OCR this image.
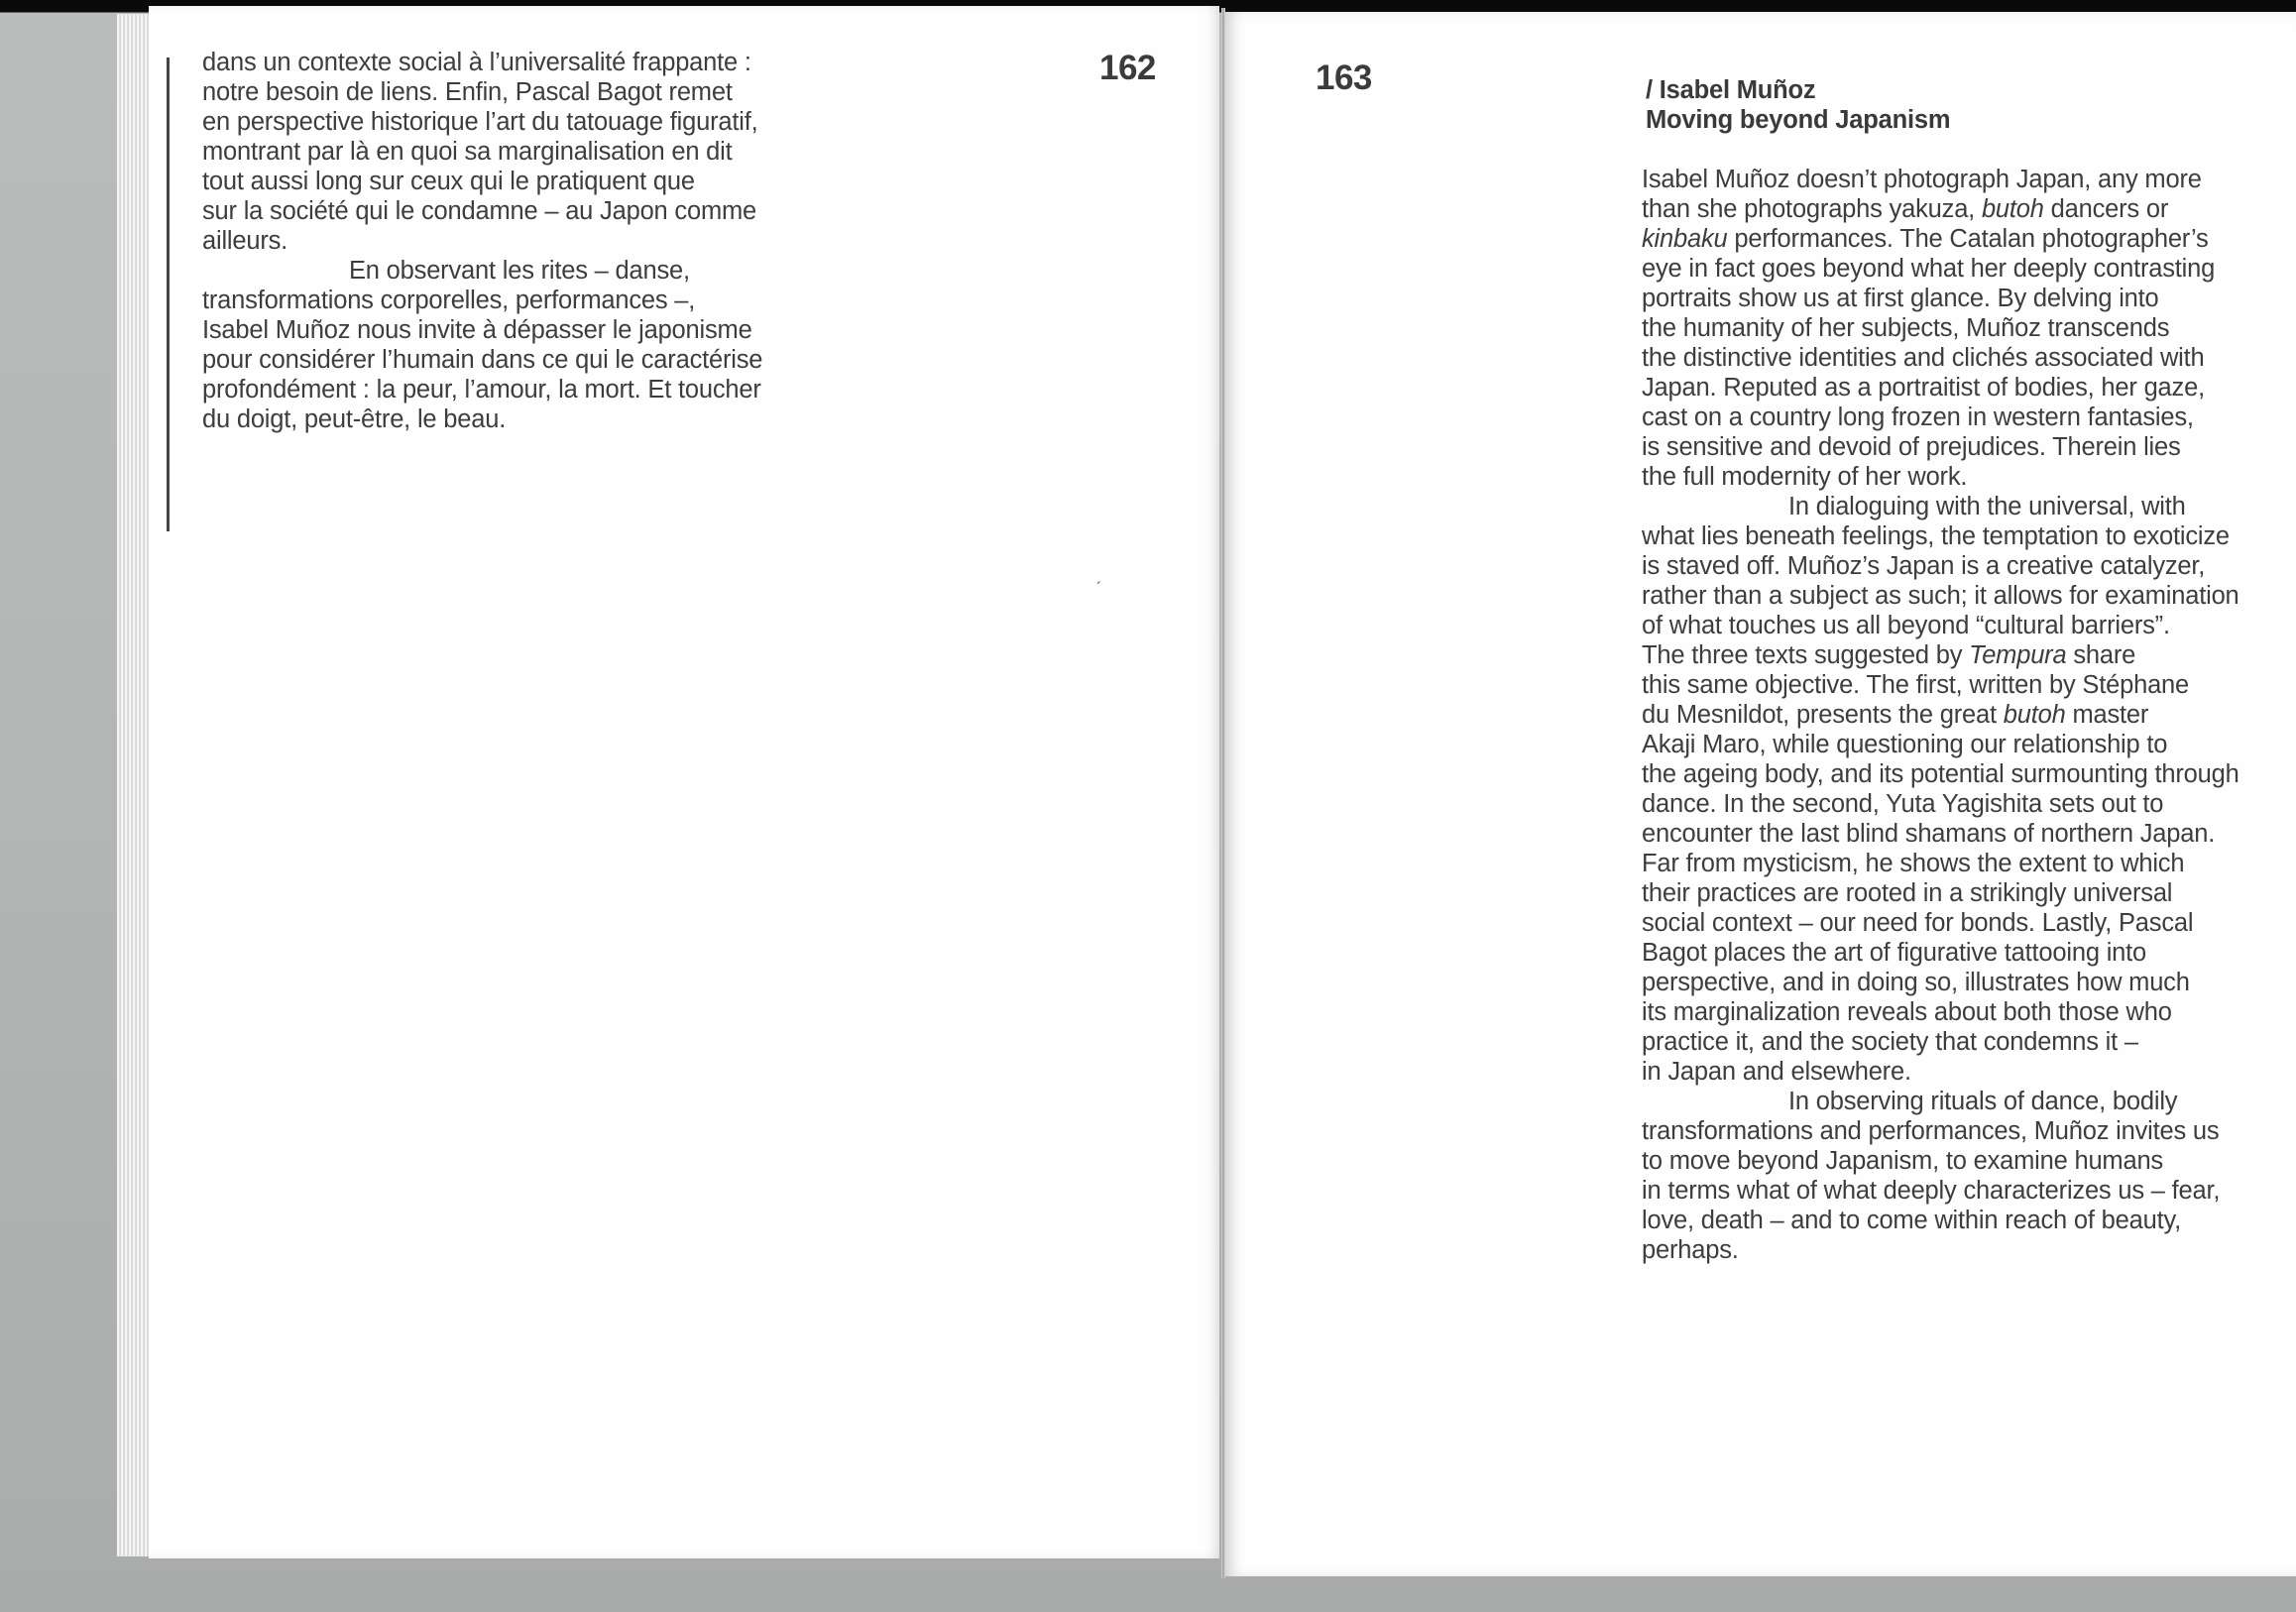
162

dans un contexte social à l’universalité frappante :
notre besoin de liens. Enfin, Pascal Bagot remet
en perspective historique l’art du tatouage figuratif,
montrant par là en quoi sa marginalisation en dit
tout aussi long sur ceux qui le pratiquent que
sur la société qui le condamne – au Japon comme
ailleurs.

En observant les rites – danse,
transformations corporelles, performances –,
Isabel Muñoz nous invite à dépasser le japonisme
pour considérer l’humain dans ce qui le caractérise
profondément : la peur, l’amour, la mort. Et toucher
du doigt, peut-être, le beau.

ˊ
163	/ Isabel Muñoz
Moving beyond Japanism

Isabel Muñoz doesn’t photograph Japan, any more
than she photographs yakuza, butoh dancers or
kinbaku performances. The Catalan photographer’s
eye in fact goes beyond what her deeply contrasting
portraits show us at first glance. By delving into
the humanity of her subjects, Muñoz transcends
the distinctive identities and clichés associated with
Japan. Reputed as a portraitist of bodies, her gaze,
cast on a country long frozen in western fantasies,
is sensitive and devoid of prejudices. Therein lies
the full modernity of her work.

In dialoguing with the universal, with
what lies beneath feelings, the temptation to exoticize
is staved off. Muñoz’s Japan is a creative catalyzer,
rather than a subject as such; it allows for examination
of what touches us all beyond “cultural barriers”.
The three texts suggested by Tempura share
this same objective. The first, written by Stéphane
du Mesnildot, presents the great butoh master
Akaji Maro, while questioning our relationship to
the ageing body, and its potential surmounting through
dance. In the second, Yuta Yagishita sets out to
encounter the last blind shamans of northern Japan.
Far from mysticism, he shows the extent to which
their practices are rooted in a strikingly universal
social context – our need for bonds. Lastly, Pascal
Bagot places the art of figurative tattooing into
perspective, and in doing so, illustrates how much
its marginalization reveals about both those who
practice it, and the society that condemns it –
in Japan and elsewhere.

In observing rituals of dance, bodily
transformations and performances, Muñoz invites us
to move beyond Japanism, to examine humans
in terms what of what deeply characterizes us – fear,
love, death – and to come within reach of beauty,
perhaps.
